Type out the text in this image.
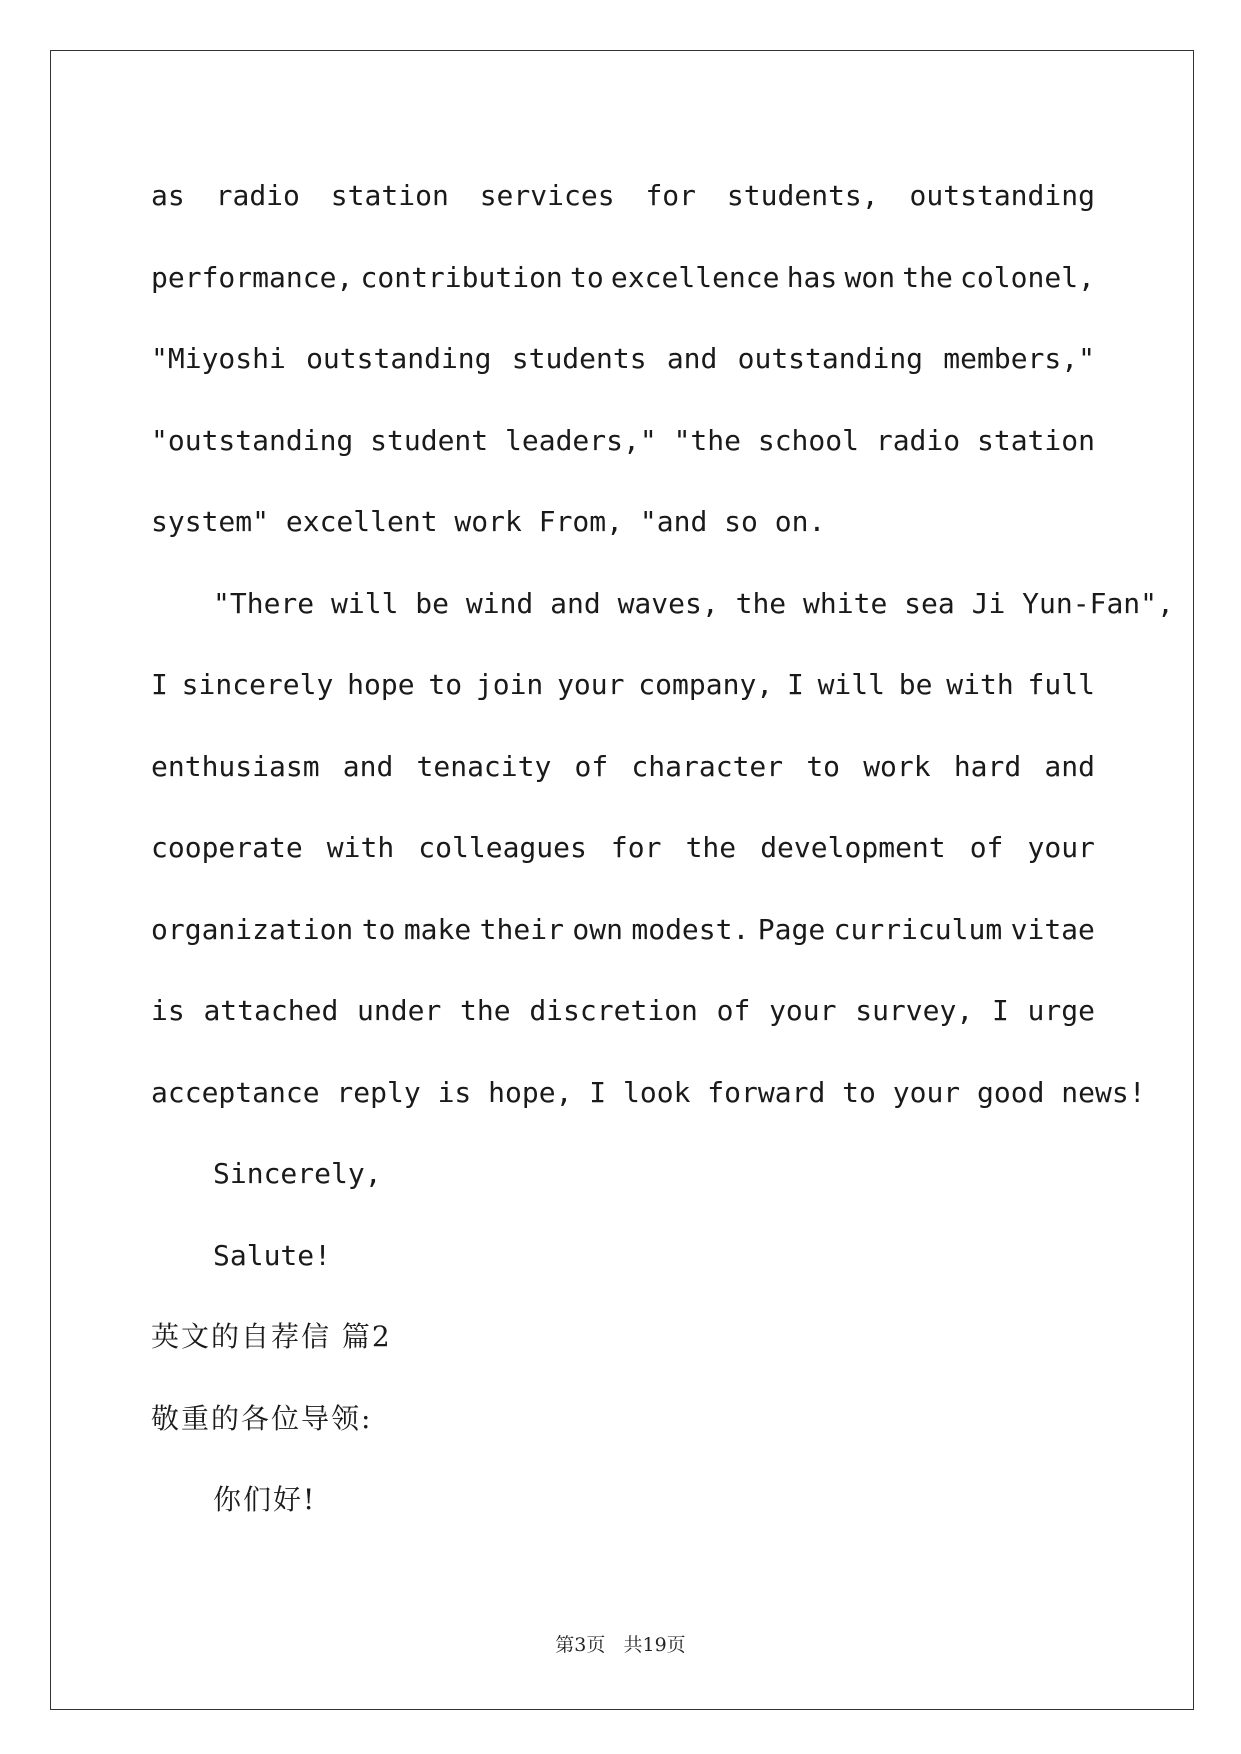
as radio station services for students, outstanding
performance, contribution to excellence has won the colonel,
"Miyoshi outstanding students and outstanding members,"
"outstanding student leaders," "the school radio station
system" excellent work From, "and so on.
"There will be wind and waves, the white sea Ji Yun-Fan",
I sincerely hope to join your company, I will be with full
enthusiasm and tenacity of character to work hard and
cooperate with colleagues for the development of your
organization to make their own modest. Page curriculum vitae
is attached under the discretion of your survey, I urge
acceptance reply is hope, I look forward to your good news!
Sincerely,
Salute!
英文的自荐信 篇2
敬重的各位导领:
你们好!
第3页   共19页
